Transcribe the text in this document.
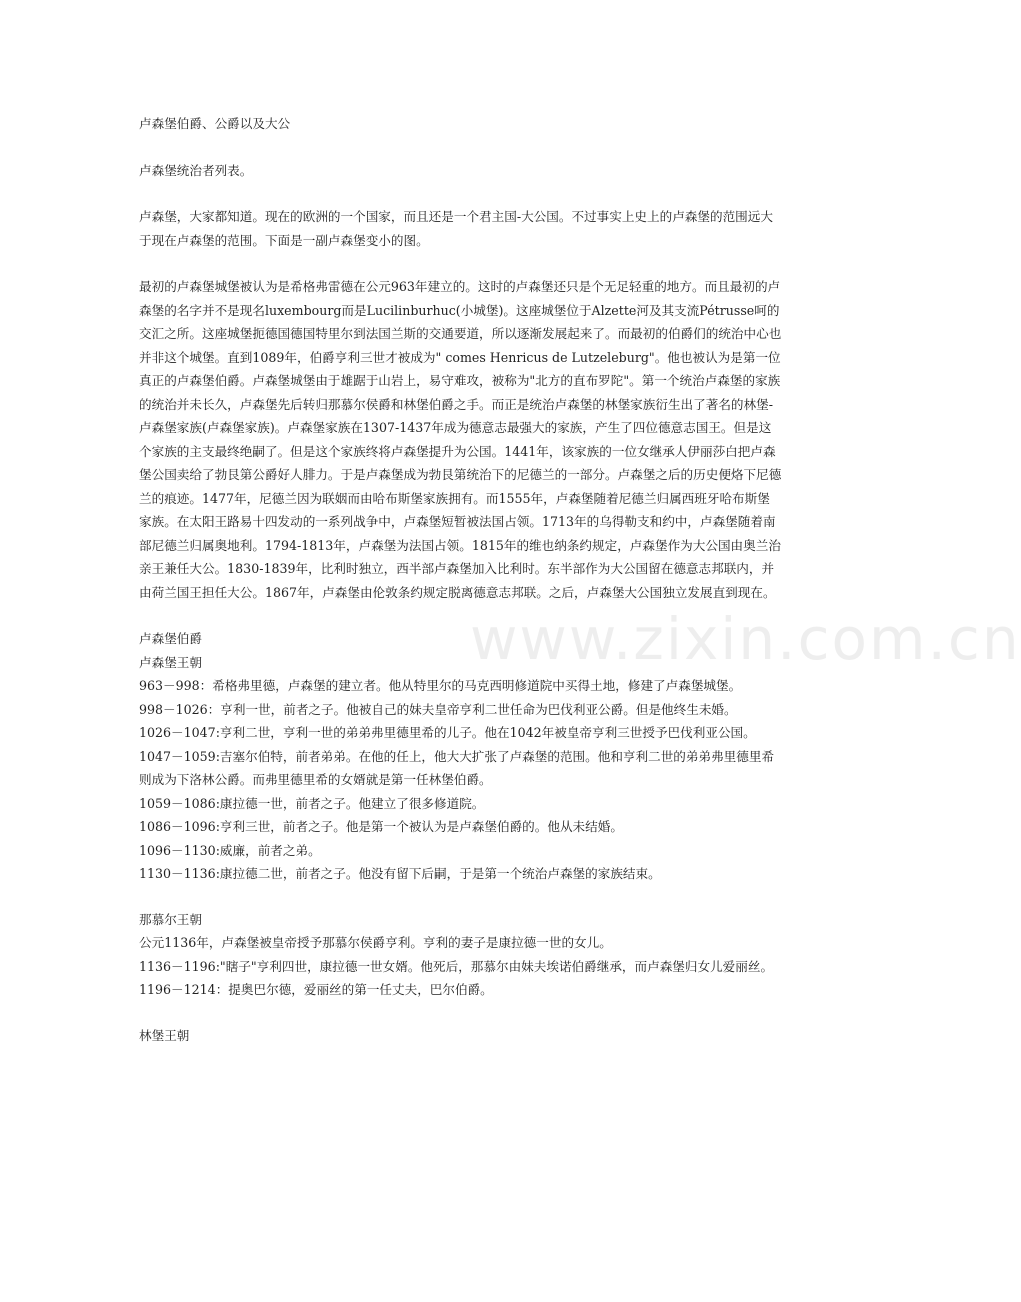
www.zixin.com.cn

卢森堡伯爵、公爵以及大公

卢森堡统治者列表。

卢森堡，大家都知道。现在的欧洲的一个国家，而且还是一个君主国-大公国。不过事实上史上的卢森堡的范围远大于现在卢森堡的范围。下面是一副卢森堡变小的图。

最初的卢森堡城堡被认为是希格弗雷德在公元963年建立的。这时的卢森堡还只是个无足轻重的地方。而且最初的卢森堡的名字并不是现名luxembourg而是Lucilinburhuc(小城堡)。这座城堡位于Alzette河及其支流Pétrusse呵的交汇之所。这座城堡扼德国德国特里尔到法国兰斯的交通要道，所以逐渐发展起来了。而最初的伯爵们的统治中心也并非这个城堡。直到1089年，伯爵亨利三世才被成为" comes Henricus de Lutzeleburg"。他也被认为是第一位真正的卢森堡伯爵。卢森堡城堡由于雄踞于山岩上，易守难攻，被称为"北方的直布罗陀"。第一个统治卢森堡的家族的统治并未长久，卢森堡先后转归那慕尔侯爵和林堡伯爵之手。而正是统治卢森堡的林堡家族衍生出了著名的林堡-卢森堡家族(卢森堡家族)。卢森堡家族在1307-1437年成为德意志最强大的家族，产生了四位德意志国王。但是这个家族的主支最终绝嗣了。但是这个家族终将卢森堡提升为公国。1441年，该家族的一位女继承人伊丽莎白把卢森堡公国卖给了勃艮第公爵好人腓力。于是卢森堡成为勃艮第统治下的尼德兰的一部分。卢森堡之后的历史便烙下尼德兰的痕迹。1477年，尼德兰因为联姻而由哈布斯堡家族拥有。而1555年，卢森堡随着尼德兰归属西班牙哈布斯堡家族。在太阳王路易十四发动的一系列战争中，卢森堡短暂被法国占领。1713年的乌得勒支和约中，卢森堡随着南部尼德兰归属奥地利。1794-1813年，卢森堡为法国占领。1815年的维也纳条约规定，卢森堡作为大公国由奥兰治亲王兼任大公。1830-1839年，比利时独立，西半部卢森堡加入比利时。东半部作为大公国留在德意志邦联内，并由荷兰国王担任大公。1867年，卢森堡由伦敦条约规定脱离德意志邦联。之后，卢森堡大公国独立发展直到现在。

卢森堡伯爵
卢森堡王朝
963－998：希格弗里德，卢森堡的建立者。他从特里尔的马克西明修道院中买得土地，修建了卢森堡城堡。
998－1026：亨利一世，前者之子。他被自己的妹夫皇帝亨利二世任命为巴伐利亚公爵。但是他终生未婚。
1026－1047:亨利二世，亨利一世的弟弟弗里德里希的儿子。他在1042年被皇帝亨利三世授予巴伐利亚公国。
1047－1059:吉塞尔伯特，前者弟弟。在他的任上，他大大扩张了卢森堡的范围。他和亨利二世的弟弟弗里德里希则成为下洛林公爵。而弗里德里希的女婿就是第一任林堡伯爵。
1059－1086:康拉德一世，前者之子。他建立了很多修道院。
1086－1096:亨利三世，前者之子。他是第一个被认为是卢森堡伯爵的。他从未结婚。
1096－1130:威廉，前者之弟。
1130－1136:康拉德二世，前者之子。他没有留下后嗣，于是第一个统治卢森堡的家族结束。
那慕尔王朝
公元1136年，卢森堡被皇帝授予那慕尔侯爵亨利。亨利的妻子是康拉德一世的女儿。
1136－1196:"瞎子"亨利四世，康拉德一世女婿。他死后，那慕尔由妹夫埃诺伯爵继承，而卢森堡归女儿爱丽丝。
1196－1214：提奥巴尔德，爱丽丝的第一任丈夫，巴尔伯爵。
林堡王朝
